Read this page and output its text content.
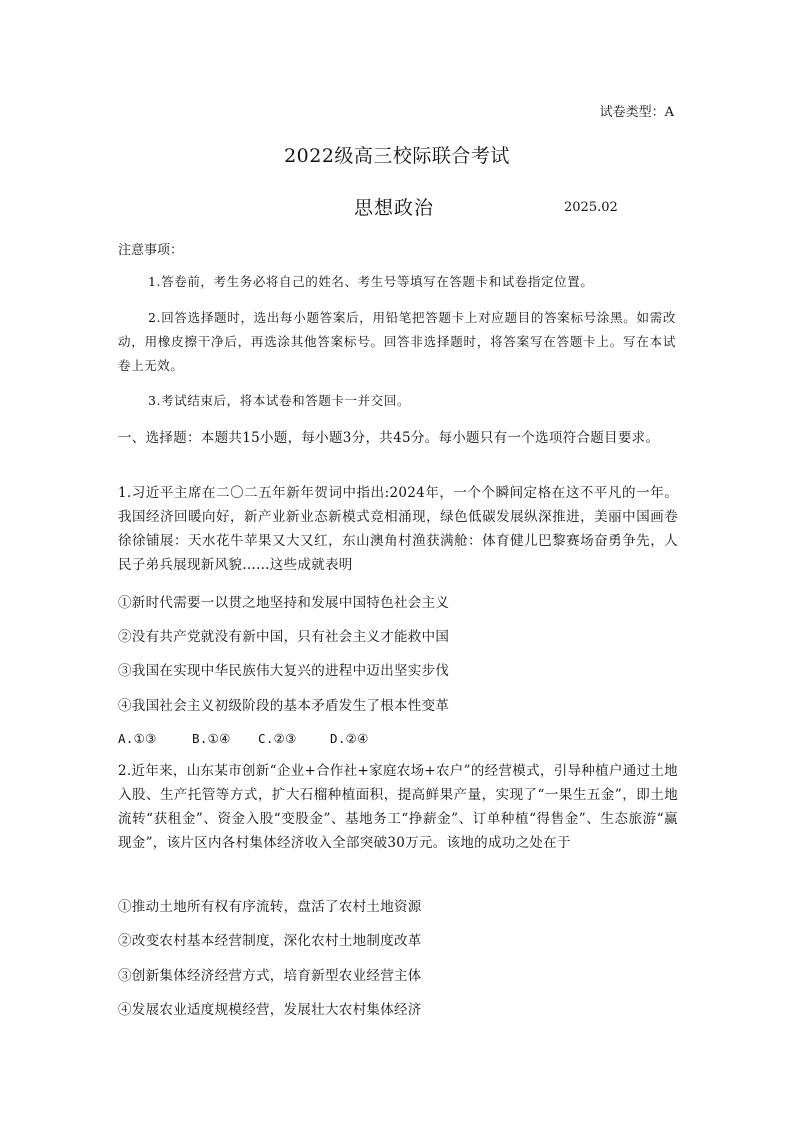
试卷类型：A
2022级高三校际联合考试
思想政治	2025.02
注意事项：
1.答卷前，考生务必将自己的姓名、考生号等填写在答题卡和试卷指定位置。
2.回答选择题时，选出每小题答案后，用铅笔把答题卡上对应题目的答案标号涂黑。如需改动，用橡皮擦干净后，再选涂其他答案标号。回答非选择题时，将答案写在答题卡上。写在本试卷上无效。
3.考试结束后，将本试卷和答题卡一并交回。
一、选择题：本题共15小题，每小题3分，共45分。每小题只有一个选项符合题目要求。
1.习近平主席在二〇二五年新年贺词中指出:2024年，一个个瞬间定格在这不平凡的一年。我国经济回暖向好，新产业新业态新模式竞相涌现，绿色低碳发展纵深推进，美丽中国画卷徐徐铺展：天水花牛苹果又大又红，东山澳角村渔获满舱：体育健儿巴黎赛场奋勇争先，人民子弟兵展现新风貌……这些成就表明
①新时代需要一以贯之地坚持和发展中国特色社会主义
②没有共产党就没有新中国，只有社会主义才能救中国
③我国在实现中华民族伟大复兴的进程中迈出坚实步伐
④我国社会主义初级阶段的基本矛盾发生了根本性变革
A.①③	B.①④ C.②③	D.②④
2.近年来，山东某市创新“企业+合作社+家庭农场+农户”的经营模式，引导种植户通过土地入股、生产托管等方式，扩大石榴种植面积，提高鲜果产量，实现了“一果生五金”，即土地流转“获租金”、资金入股“变股金”、基地务工“挣薪金”、订单种植“得售金”、生态旅游“赢现金”，该片区内各村集体经济收入全部突破30万元。该地的成功之处在于
①推动土地所有权有序流转，盘活了农村土地资源
②改变农村基本经营制度，深化农村土地制度改革
③创新集体经济经营方式，培育新型农业经营主体
④发展农业适度规模经营，发展壮大农村集体经济
